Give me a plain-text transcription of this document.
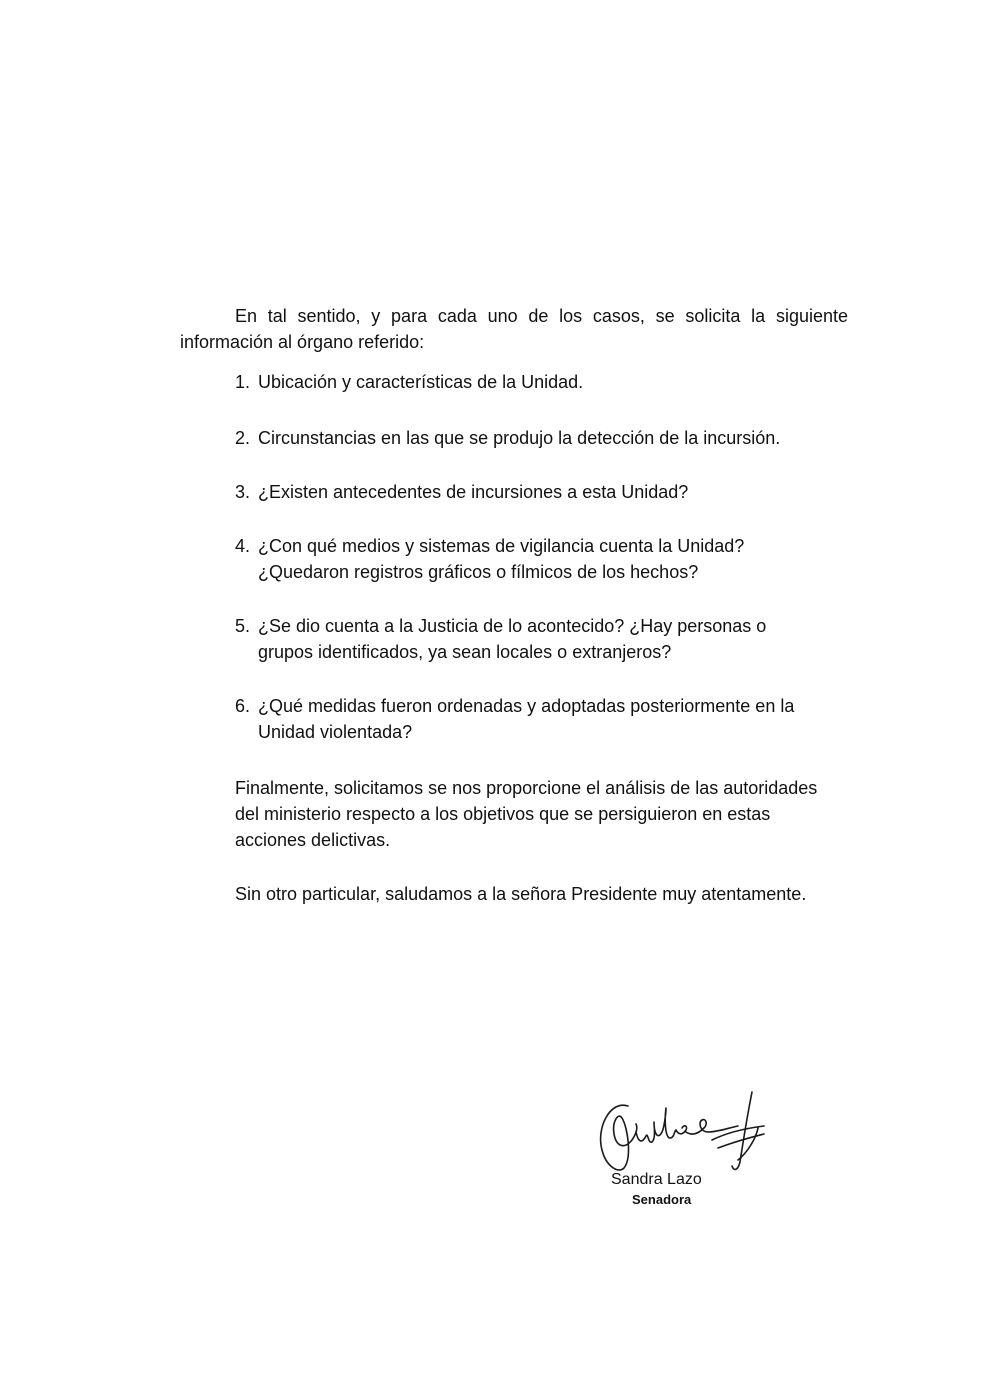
En tal sentido, y para cada uno de los casos, se solicita la siguiente información al órgano referido:

1. Ubicación y características de la Unidad.
2. Circunstancias en las que se produjo la detección de la incursión.
3. ¿Existen antecedentes de incursiones a esta Unidad?
4. ¿Con qué medios y sistemas de vigilancia cuenta la Unidad? ¿Quedaron registros gráficos o fílmicos de los hechos?
5. ¿Se dio cuenta a la Justicia de lo acontecido? ¿Hay personas o grupos identificados, ya sean locales o extranjeros?
6. ¿Qué medidas fueron ordenadas y adoptadas posteriormente en la Unidad violentada?

Finalmente, solicitamos se nos proporcione el análisis de las autoridades del ministerio respecto a los objetivos que se persiguieron en estas acciones delictivas.

Sin otro particular, saludamos a la señora Presidente muy atentamente.

Sandra Lazo
Senadora
